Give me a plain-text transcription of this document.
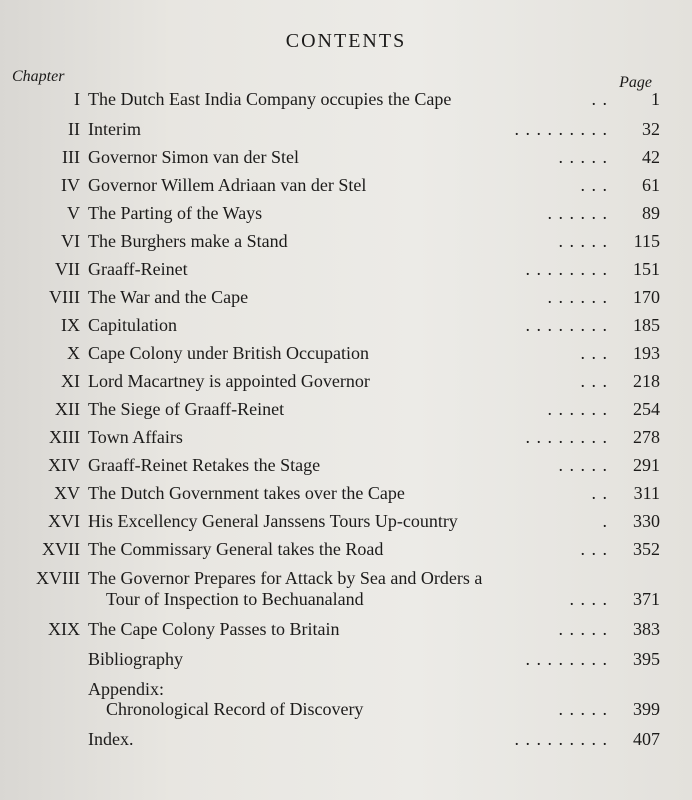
CONTENTS
Chapter	Page
I The Dutch East India Company occupies the Cape	. . 1
II Interim	. . . . . . . . . 32
III Governor Simon van der Stel	. . . . . 42
IV Governor Willem Adriaan van der Stel	. . . 61
V The Parting of the Ways	. . . . . . 89
VI The Burghers make a Stand	. . . . . 115
VII Graaff-Reinet	. . . . . . . . 151
VIII The War and the Cape	. . . . . . 170
IX Capitulation	. . . . . . . . 185
X Cape Colony under British Occupation	. . . 193
XI Lord Macartney is appointed Governor	. . . 218
XII The Siege of Graaff-Reinet	. . . . . . 254
XIII Town Affairs	. . . . . . . . 278
XIV Graaff-Reinet Retakes the Stage	. . . . . 291
XV The Dutch Government takes over the Cape	. . 311
XVI His Excellency General Janssens Tours Up-country	. 330
XVII The Commissary General takes the Road	. . . 352
XVIII The Governor Prepares for Attack by Sea and Orders a
Tour of Inspection to Bechuanaland	. . . . 371
XIX The Cape Colony Passes to Britain	. . . . . 383
Bibliography	. . . . . . . . 395
Appendix:
Chronological Record of Discovery	. . . . . 399
Index.	. . . . . . . . . 407
